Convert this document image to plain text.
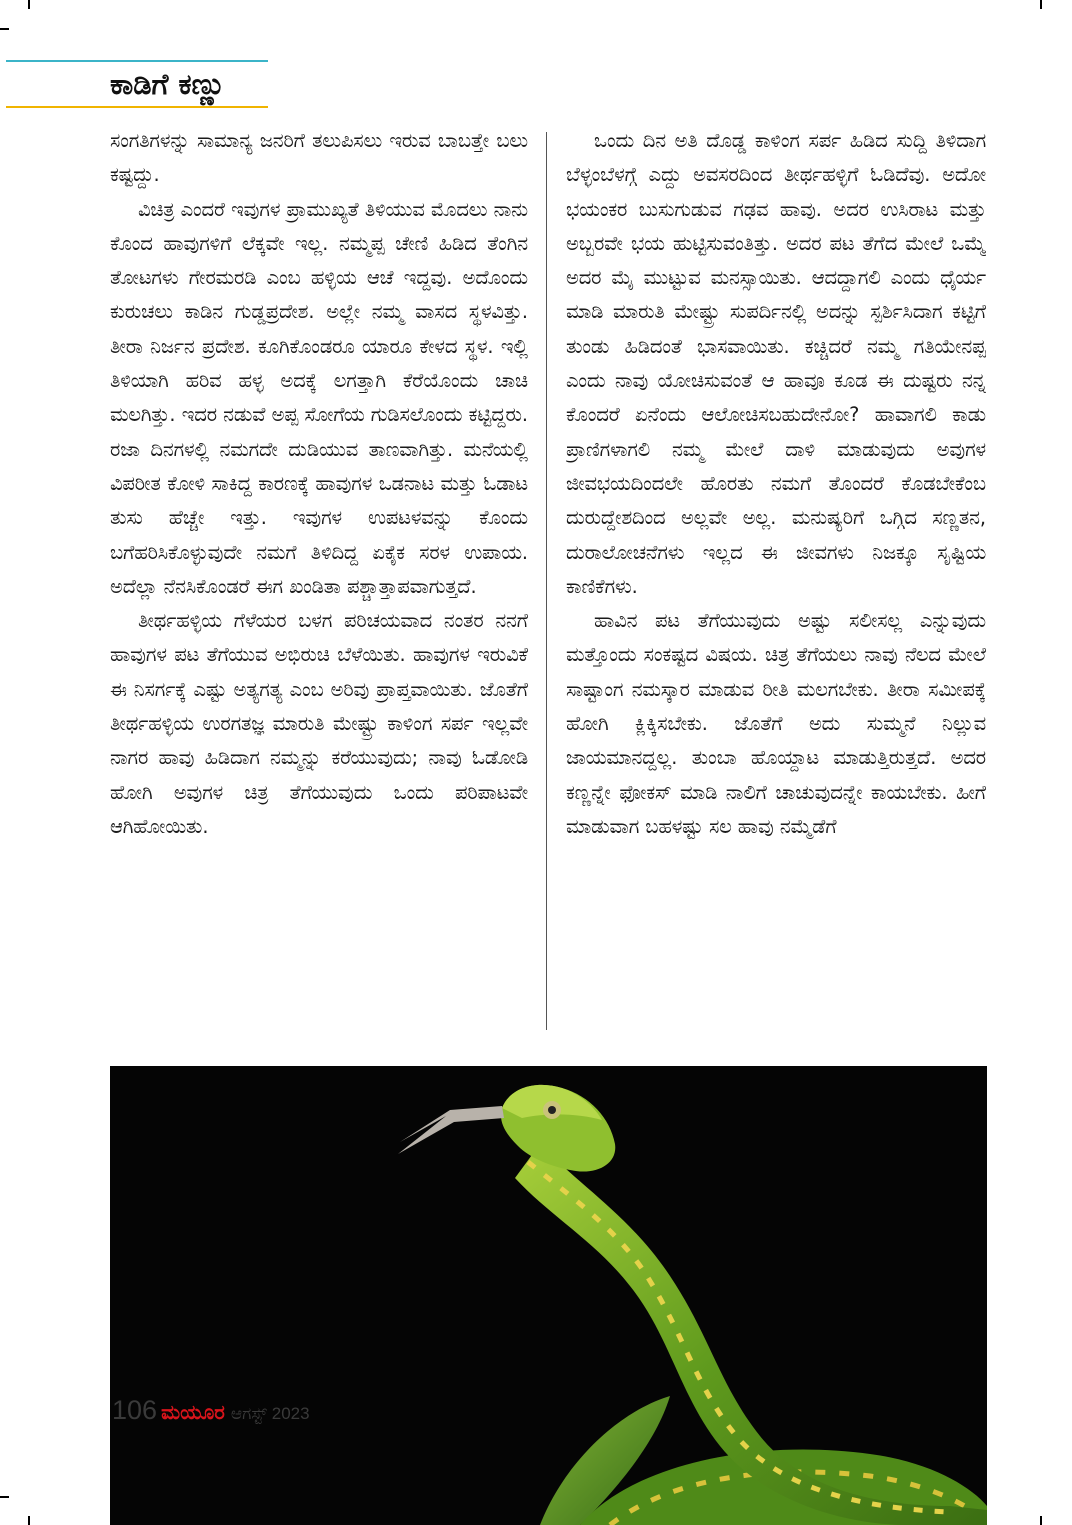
ಕಾಡಿಗೆ ಕಣ್ಣು

ಸಂಗತಿಗಳನ್ನು ಸಾಮಾನ್ಯ ಜನರಿಗೆ ತಲುಪಿಸಲು ಇರುವ ಬಾಬತ್ತೇ ಬಲು ಕಷ್ಟದ್ದು.

ವಿಚಿತ್ರ ಎಂದರೆ ಇವುಗಳ ಪ್ರಾಮುಖ್ಯತೆ ತಿಳಿಯುವ ಮೊದಲು ನಾನು ಕೊಂದ ಹಾವುಗಳಿಗೆ ಲೆಕ್ಕವೇ ಇಲ್ಲ. ನಮ್ಮಪ್ಪ ಚೇಣಿ ಹಿಡಿದ ತೆಂಗಿನ ತೋಟಗಳು ಗೇರಮರಡಿ ಎಂಬ ಹಳ್ಳಿಯ ಆಚೆ ಇದ್ದವು. ಅದೊಂದು ಕುರುಚಲು ಕಾಡಿನ ಗುಡ್ಡಪ್ರದೇಶ. ಅಲ್ಲೇ ನಮ್ಮ ವಾಸದ ಸ್ಥಳವಿತ್ತು. ತೀರಾ ನಿರ್ಜನ ಪ್ರದೇಶ. ಕೂಗಿಕೊಂಡರೂ ಯಾರೂ ಕೇಳದ ಸ್ಥಳ. ಇಲ್ಲಿ ತಿಳಿಯಾಗಿ ಹರಿವ ಹಳ್ಳ ಅದಕ್ಕೆ ಲಗತ್ತಾಗಿ ಕೆರೆಯೊಂದು ಚಾಚಿ ಮಲಗಿತ್ತು. ಇದರ ನಡುವೆ ಅಪ್ಪ ಸೋಗೆಯ ಗುಡಿಸಲೊಂದು ಕಟ್ಟಿದ್ದರು. ರಜಾ ದಿನಗಳಲ್ಲಿ ನಮಗದೇ ದುಡಿಯುವ ತಾಣವಾಗಿತ್ತು. ಮನೆಯಲ್ಲಿ ವಿಪರೀತ ಕೋಳಿ ಸಾಕಿದ್ದ ಕಾರಣಕ್ಕೆ ಹಾವುಗಳ ಒಡನಾಟ ಮತ್ತು ಓಡಾಟ ತುಸು ಹೆಚ್ಚೇ ಇತ್ತು. ಇವುಗಳ ಉಪಟಳವನ್ನು ಕೊಂದು ಬಗೆಹರಿಸಿಕೊಳ್ಳುವುದೇ ನಮಗೆ ತಿಳಿದಿದ್ದ ಏಕೈಕ ಸರಳ ಉಪಾಯ. ಅದೆಲ್ಲಾ ನೆನಸಿಕೊಂಡರೆ ಈಗ ಖಂಡಿತಾ ಪಶ್ಚಾತ್ತಾಪವಾಗುತ್ತದೆ.

ತೀರ್ಥಹಳ್ಳಿಯ ಗೆಳೆಯರ ಬಳಗ ಪರಿಚಯವಾದ ನಂತರ ನನಗೆ ಹಾವುಗಳ ಪಟ ತೆಗೆಯುವ ಅಭಿರುಚಿ ಬೆಳೆಯಿತು. ಹಾವುಗಳ ಇರುವಿಕೆ ಈ ನಿಸರ್ಗಕ್ಕೆ ಎಷ್ಟು ಅತ್ಯಗತ್ಯ ಎಂಬ ಅರಿವು ಪ್ರಾಪ್ತವಾಯಿತು. ಜೊತೆಗೆ ತೀರ್ಥಹಳ್ಳಿಯ ಉರಗತಜ್ಞ ಮಾರುತಿ ಮೇಷ್ಟ್ರು ಕಾಳಿಂಗ ಸರ್ಪ ಇಲ್ಲವೇ ನಾಗರ ಹಾವು ಹಿಡಿದಾಗ ನಮ್ಮನ್ನು ಕರೆಯುವುದು; ನಾವು ಓಡೋಡಿ ಹೋಗಿ ಅವುಗಳ ಚಿತ್ರ ತೆಗೆಯುವುದು ಒಂದು ಪರಿಪಾಟವೇ ಆಗಿಹೋಯಿತು.

ಒಂದು ದಿನ ಅತಿ ದೊಡ್ಡ ಕಾಳಿಂಗ ಸರ್ಪ ಹಿಡಿದ ಸುದ್ದಿ ತಿಳಿದಾಗ ಬೆಳ್ಳಂಬೆಳಗ್ಗೆ ಎದ್ದು ಅವಸರದಿಂದ ತೀರ್ಥಹಳ್ಳಿಗೆ ಓಡಿದೆವು. ಅದೋ ಭಯಂಕರ ಬುಸುಗುಡುವ ಗಢವ ಹಾವು. ಅದರ ಉಸಿರಾಟ ಮತ್ತು ಅಬ್ಬರವೇ ಭಯ ಹುಟ್ಟಿಸುವಂತಿತ್ತು. ಅದರ ಪಟ ತೆಗೆದ ಮೇಲೆ ಒಮ್ಮೆ ಅದರ ಮೈ ಮುಟ್ಟುವ ಮನಸ್ಸಾಯಿತು. ಆದದ್ದಾಗಲಿ ಎಂದು ಧೈರ್ಯ ಮಾಡಿ ಮಾರುತಿ ಮೇಷ್ಟ್ರು ಸುಪರ್ದಿನಲ್ಲಿ ಅದನ್ನು ಸ್ಪರ್ಶಿಸಿದಾಗ ಕಟ್ಟಿಗೆ ತುಂಡು ಹಿಡಿದಂತೆ ಭಾಸವಾಯಿತು. ಕಚ್ಚಿದರೆ ನಮ್ಮ ಗತಿಯೇನಪ್ಪ ಎಂದು ನಾವು ಯೋಚಿಸುವಂತೆ ಆ ಹಾವೂ ಕೂಡ ಈ ದುಷ್ಟರು ನನ್ನ ಕೊಂದರೆ ಏನೆಂದು ಆಲೋಚಿಸಬಹುದೇನೋ? ಹಾವಾಗಲಿ ಕಾಡು ಪ್ರಾಣಿಗಳಾಗಲಿ ನಮ್ಮ ಮೇಲೆ ದಾಳಿ ಮಾಡುವುದು ಅವುಗಳ ಜೀವಭಯದಿಂದಲೇ ಹೊರತು ನಮಗೆ ತೊಂದರೆ ಕೊಡಬೇಕೆಂಬ ದುರುದ್ದೇಶದಿಂದ ಅಲ್ಲವೇ ಅಲ್ಲ. ಮನುಷ್ಯರಿಗೆ ಒಗ್ಗಿದ ಸಣ್ಣತನ, ದುರಾಲೋಚನೆಗಳು ಇಲ್ಲದ ಈ ಜೀವಗಳು ನಿಜಕ್ಕೂ ಸೃಷ್ಟಿಯ ಕಾಣಿಕೆಗಳು.

ಹಾವಿನ ಪಟ ತೆಗೆಯುವುದು ಅಷ್ಟು ಸಲೀಸಲ್ಲ ಎನ್ನುವುದು ಮತ್ತೊಂದು ಸಂಕಷ್ಟದ ವಿಷಯ. ಚಿತ್ರ ತೆಗೆಯಲು ನಾವು ನೆಲದ ಮೇಲೆ ಸಾಷ್ಟಾಂಗ ನಮಸ್ಕಾರ ಮಾಡುವ ರೀತಿ ಮಲಗಬೇಕು. ತೀರಾ ಸಮೀಪಕ್ಕೆ ಹೋಗಿ ಕ್ಲಿಕ್ಕಿಸಬೇಕು. ಜೊತೆಗೆ ಅದು ಸುಮ್ಮನೆ ನಿಲ್ಲುವ ಜಾಯಮಾನದ್ದಲ್ಲ. ತುಂಬಾ ಹೊಯ್ದಾಟ ಮಾಡುತ್ತಿರುತ್ತದೆ. ಅದರ ಕಣ್ಣನ್ನೇ ಫೋಕಸ್ ಮಾಡಿ ನಾಲಿಗೆ ಚಾಚುವುದನ್ನೇ ಕಾಯಬೇಕು. ಹೀಗೆ ಮಾಡುವಾಗ ಬಹಳಷ್ಟು ಸಲ ಹಾವು ನಮ್ಮೆಡೆಗೆ

106 ಮಯೂರ ಆಗಸ್ಟ್ 2023
